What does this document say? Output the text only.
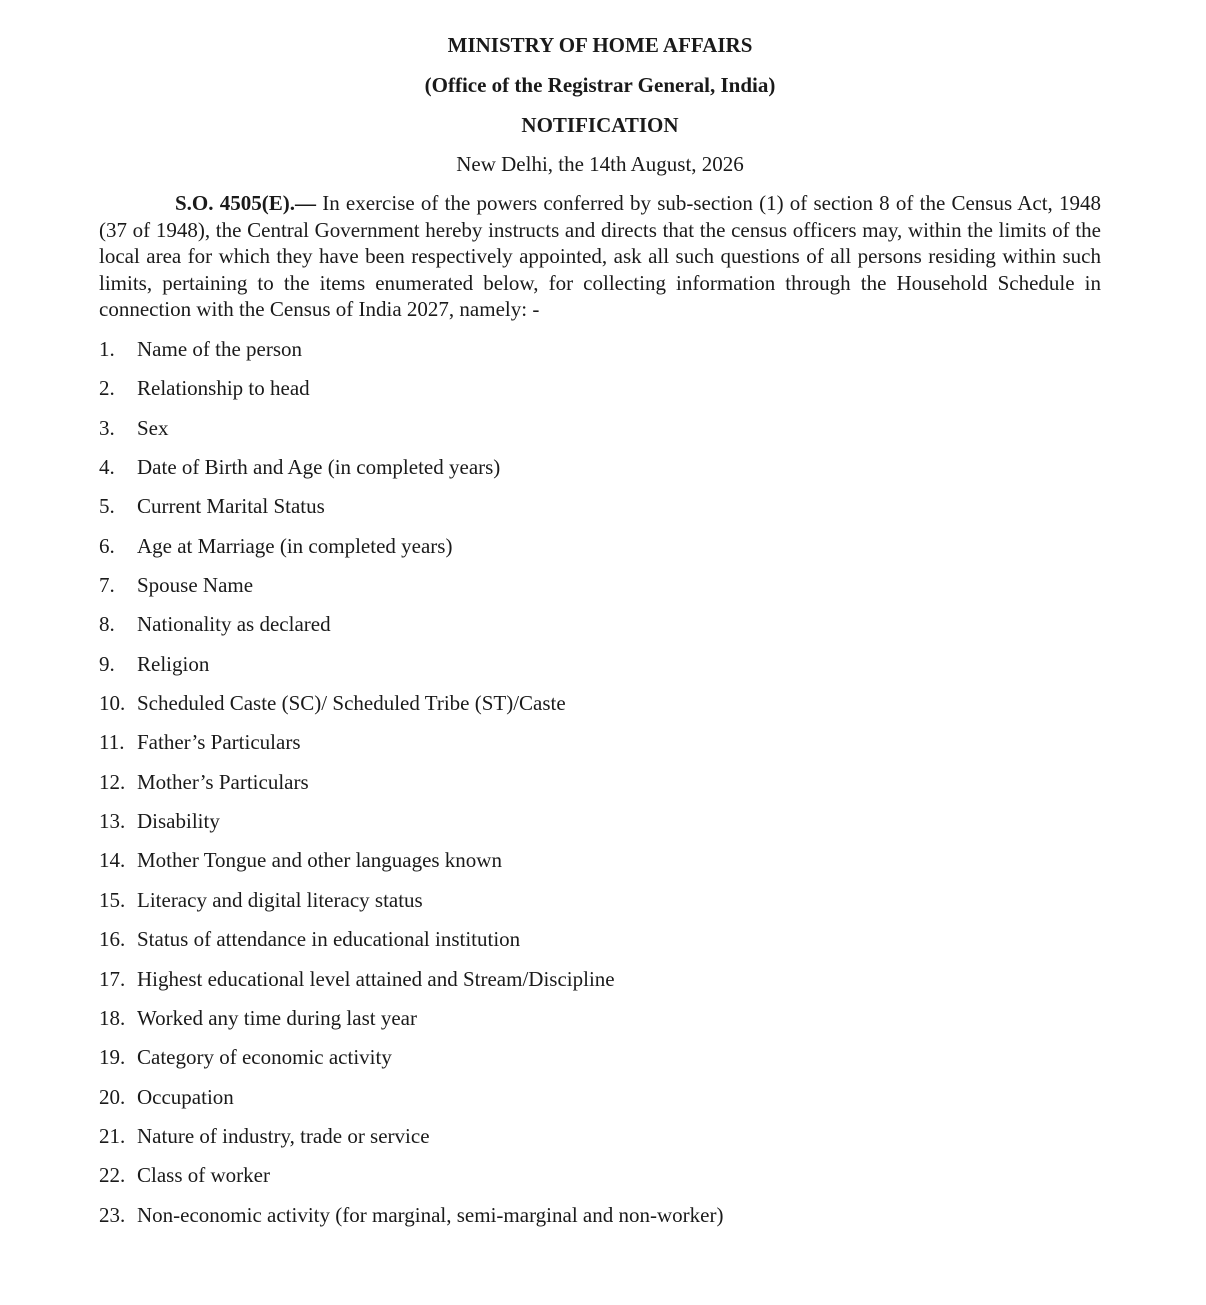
MINISTRY OF HOME AFFAIRS
(Office of the Registrar General, India)
NOTIFICATION
New Delhi, the 14th August, 2026
S.O. 4505(E).— In exercise of the powers conferred by sub-section (1) of section 8 of the Census Act, 1948 (37 of 1948), the Central Government hereby instructs and directs that the census officers may, within the limits of the local area for which they have been respectively appointed, ask all such questions of all persons residing within such limits, pertaining to the items enumerated below, for collecting information through the Household Schedule in connection with the Census of India 2027, namely: -
1.	Name of the person
2.	Relationship to head
3.	Sex
4.	Date of Birth and Age (in completed years)
5.	Current Marital Status
6.	Age at Marriage (in completed years)
7.	Spouse Name
8.	Nationality as declared
9.	Religion
10. Scheduled Caste (SC)/ Scheduled Tribe (ST)/Caste
11. Father’s Particulars
12. Mother’s Particulars
13. Disability
14. Mother Tongue and other languages known
15. Literacy and digital literacy status
16. Status of attendance in educational institution
17. Highest educational level attained and Stream/Discipline
18. Worked any time during last year
19. Category of economic activity
20. Occupation
21. Nature of industry, trade or service
22. Class of worker
23. Non-economic activity (for marginal, semi-marginal and non-worker)
